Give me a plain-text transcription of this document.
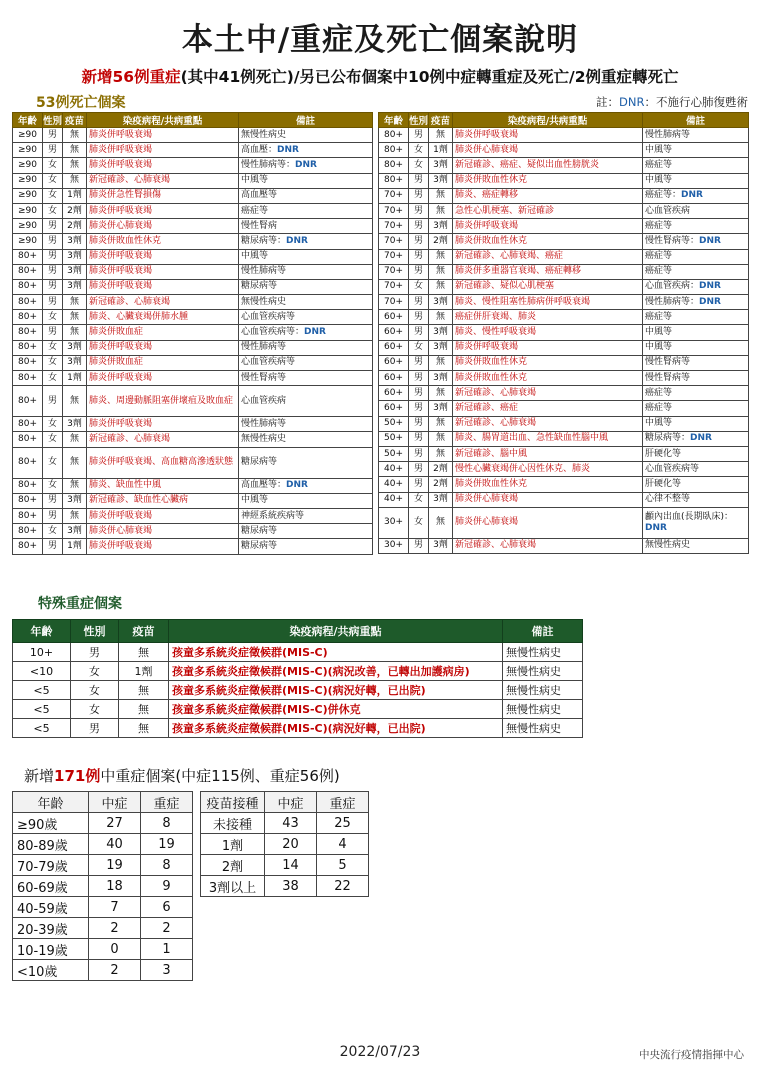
本土中/重症及死亡個案說明
新增56例重症(其中41例死亡)/另已公布個案中10例中症轉重症及死亡/2例重症轉死亡
53例死亡個案	註：DNR：不施行心肺復甦術
年齡	性別	疫苗	染疫病程/共病重點	備註
≥90	男	無	肺炎併呼吸衰竭	無慢性病史
≥90	男	無	肺炎併呼吸衰竭	高血壓：DNR
≥90	女	無	肺炎併呼吸衰竭	慢性肺病等：DNR
≥90	女	無	新冠確診、心肺衰竭	中風等
≥90	女	1劑	肺炎併急性腎損傷	高血壓等
≥90	女	2劑	肺炎併呼吸衰竭	癌症等
≥90	男	2劑	肺炎併心肺衰竭	慢性腎病
≥90	男	3劑	肺炎併敗血性休克	糖尿病等：DNR
80+	男	3劑	肺炎併呼吸衰竭	中風等
80+	男	3劑	肺炎併呼吸衰竭	慢性肺病等
80+	男	3劑	肺炎併呼吸衰竭	糖尿病等
80+	男	無	新冠確診、心肺衰竭	無慢性病史
80+	女	無	肺炎、心臟衰竭併肺水腫	心血管疾病等
80+	男	無	肺炎併敗血症	心血管疾病等：DNR
80+	女	3劑	肺炎併呼吸衰竭	慢性肺病等
80+	女	3劑	肺炎併敗血症	心血管疾病等
80+	女	1劑	肺炎併呼吸衰竭	慢性腎病等
80+	男	無	肺炎、周邊動脈阻塞併壞疽及敗血症	心血管疾病
80+	女	3劑	肺炎併呼吸衰竭	慢性肺病等
80+	女	無	新冠確診、心肺衰竭	無慢性病史
80+	女	無	肺炎併呼吸衰竭、高血糖高滲透狀態	糖尿病等
80+	女	無	肺炎、缺血性中風	高血壓等：DNR
80+	男	3劑	新冠確診、缺血性心臟病	中風等
80+	男	無	肺炎併呼吸衰竭	神經系統疾病等
80+	女	3劑	肺炎併心肺衰竭	糖尿病等
80+	男	1劑	肺炎併呼吸衰竭	糖尿病等
年齡	性別	疫苗	染疫病程/共病重點	備註
80+	男	無	肺炎併呼吸衰竭	慢性肺病等
80+	女	1劑	肺炎併心肺衰竭	中風等
80+	女	3劑	新冠確診、癌症、疑似出血性膀胱炎	癌症等
80+	男	3劑	肺炎併敗血性休克	中風等
70+	男	無	肺炎、癌症轉移	癌症等：DNR
70+	男	無	急性心肌梗塞、新冠確診	心血管疾病
70+	男	3劑	肺炎併呼吸衰竭	癌症等
70+	男	2劑	肺炎併敗血性休克	慢性腎病等：DNR
70+	男	無	新冠確診、心肺衰竭、癌症	癌症等
70+	男	無	肺炎併多重器官衰竭、癌症轉移	癌症等
70+	女	無	新冠確診、疑似心肌梗塞	心血管疾病：DNR
70+	男	3劑	肺炎、慢性阻塞性肺病併呼吸衰竭	慢性肺病等：DNR
60+	男	無	癌症併肝衰竭、肺炎	癌症等
60+	男	3劑	肺炎、慢性呼吸衰竭	中風等
60+	女	3劑	肺炎併呼吸衰竭	中風等
60+	男	無	肺炎併敗血性休克	慢性腎病等
60+	男	3劑	肺炎併敗血性休克	慢性腎病等
60+	男	無	新冠確診、心肺衰竭	癌症等
60+	男	3劑	新冠確診、癌症	癌症等
50+	男	無	新冠確診、心肺衰竭	中風等
50+	男	無	肺炎、腸胃道出血、急性缺血性腦中風	糖尿病等：DNR
50+	男	無	新冠確診、腦中風	肝硬化等
40+	男	2劑	慢性心臟衰竭併心因性休克、肺炎	心血管疾病等
40+	男	2劑	肺炎併敗血性休克	肝硬化等
40+	女	3劑	肺炎併心肺衰竭	心律不整等
30+	女	無	肺炎併心肺衰竭	顱內出血(長期臥床)：DNR
30+	男	3劑	新冠確診、心肺衰竭	無慢性病史
特殊重症個案
年齡	性別	疫苗	染疫病程/共病重點	備註
10+	男	無	孩童多系統炎症徵候群(MIS-C)	無慢性病史
<10	女	1劑	孩童多系統炎症徵候群(MIS-C)(病況改善，已轉出加護病房)	無慢性病史
<5	女	無	孩童多系統炎症徵候群(MIS-C)(病況好轉，已出院)	無慢性病史
<5	女	無	孩童多系統炎症徵候群(MIS-C)併休克	無慢性病史
<5	男	無	孩童多系統炎症徵候群(MIS-C)(病況好轉，已出院)	無慢性病史
新增171例中重症個案(中症115例、重症56例)
年齡	中症	重症
≥90歲	27	8
80-89歲	40	19
70-79歲	19	8
60-69歲	18	9
40-59歲	7	6
20-39歲	2	2
10-19歲	0	1
<10歲	2	3
疫苗接種	中症	重症
未接種	43	25
1劑	20	4
2劑	14	5
3劑以上	38	22
2022/07/23	中央流行疫情指揮中心
